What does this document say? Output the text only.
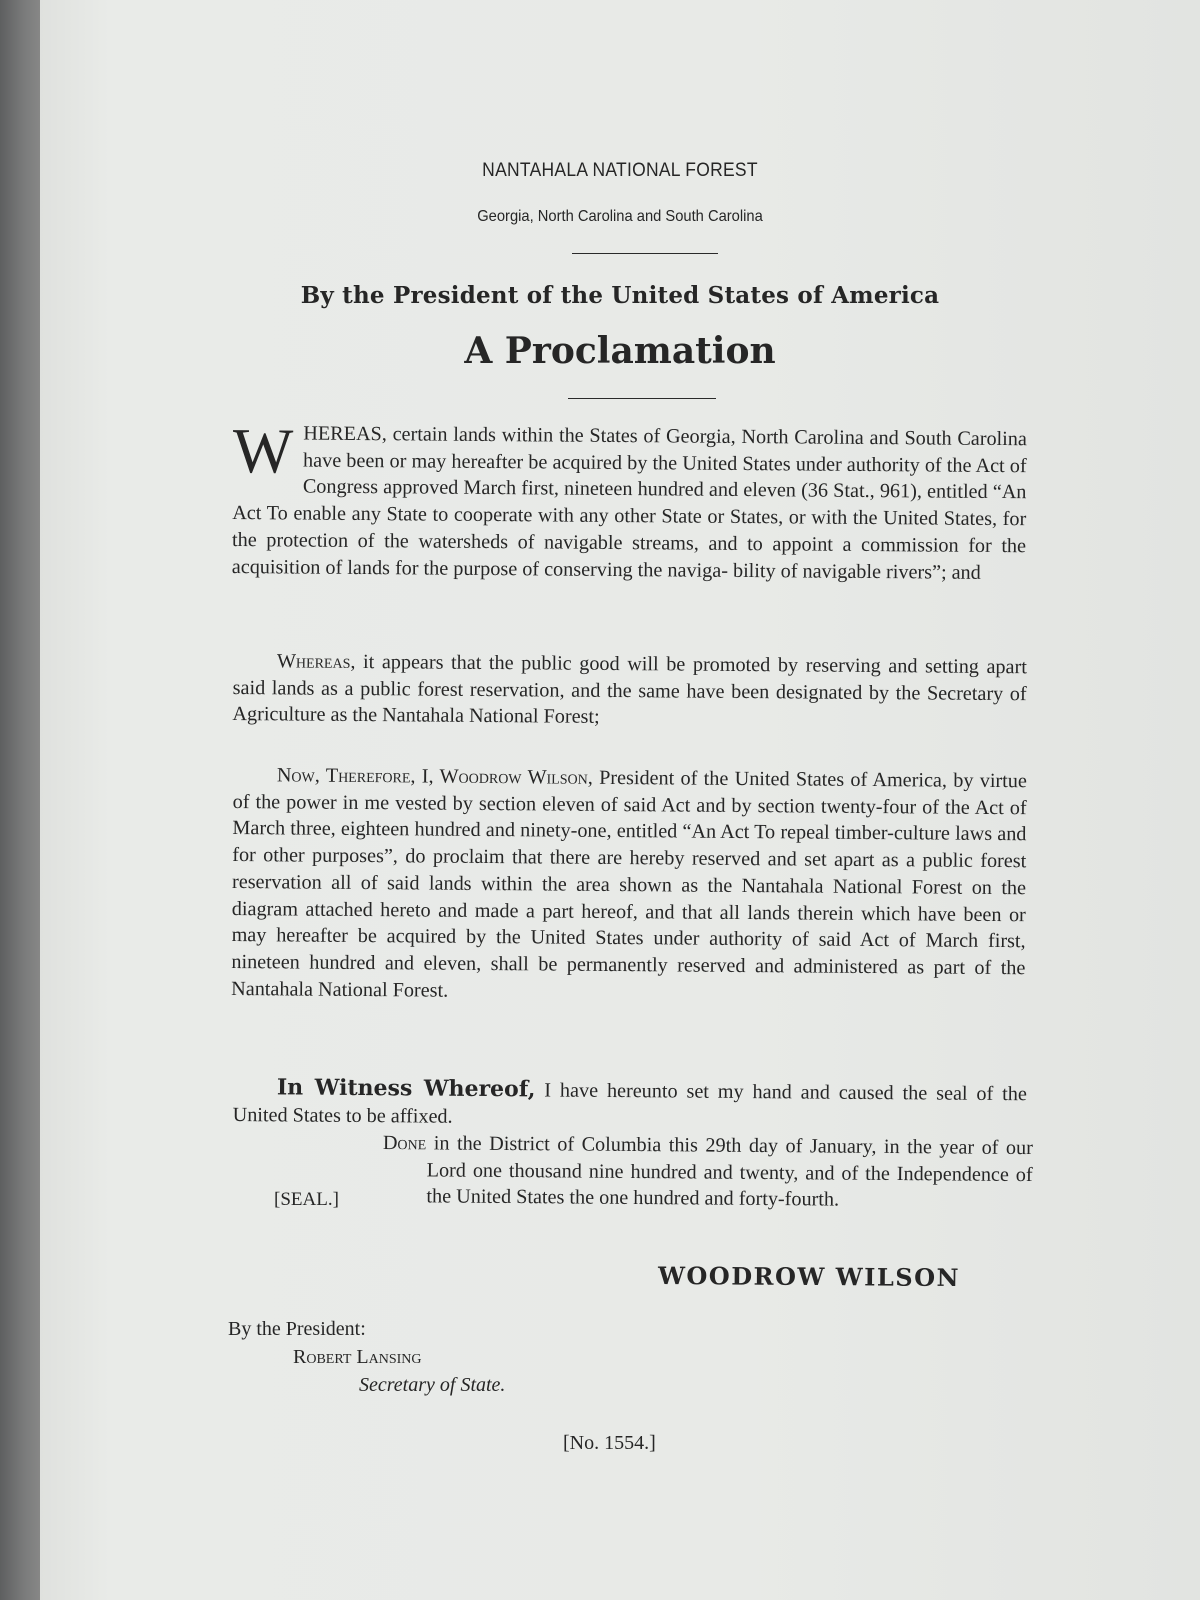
NANTAHALA NATIONAL FOREST
Georgia, North Carolina and South Carolina
By the President of the United States of America
A Proclamation

WHEREAS, certain lands within the States of Georgia, North Carolina and South Carolina have been or may hereafter be acquired by the United States under authority of the Act of Congress approved March first, nineteen hundred and eleven (36 Stat., 961), entitled “An Act To enable any State to cooperate with any other State or States, or with the United States, for the protection of the watersheds of navigable streams, and to appoint a commission for the acquisition of lands for the purpose of conserving the naviga- bility of navigable rivers”; and

Whereas, it appears that the public good will be promoted by reserving and setting apart said lands as a public forest reservation, and the same have been designated by the Secretary of Agriculture as the Nantahala National Forest;

Now, Therefore, I, Woodrow Wilson, President of the United States of America, by virtue of the power in me vested by section eleven of said Act and by section twenty-four of the Act of March three, eighteen hundred and ninety-one, entitled “An Act To repeal timber-culture laws and for other purposes”, do proclaim that there are hereby reserved and set apart as a public forest reservation all of said lands within the area shown as the Nantahala National Forest on the diagram attached hereto and made a part hereof, and that all lands therein which have been or may hereafter be acquired by the United States under authority of said Act of March first, nineteen hundred and eleven, shall be permanently reserved and administered as part of the Nantahala National Forest.

In Witness Whereof, I have hereunto set my hand and caused the seal of the United States to be affixed.

Done in the District of Columbia this 29th day of January, in the year of our Lord one thousand nine hundred and twenty, and of the Independence of the United States the one hundred and forty-fourth.

[SEAL.]
WOODROW WILSON
By the President:
Robert Lansing
Secretary of State.
[No. 1554.]
